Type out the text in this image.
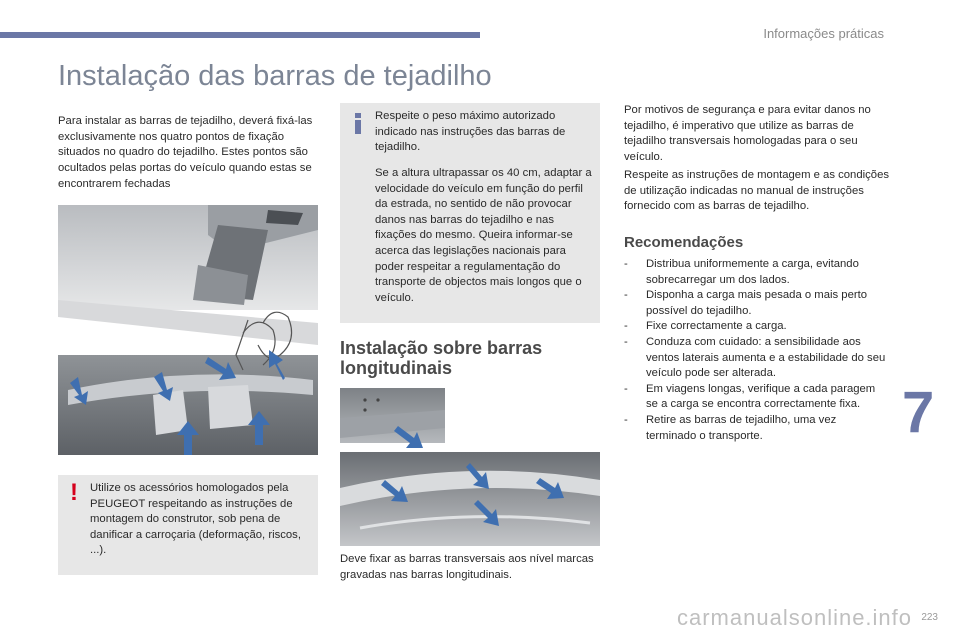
Informações práticas
Instalação das barras de tejadilho

Para instalar as barras de tejadilho, deverá fixá-las exclusivamente nos quatro pontos de fixação situados no quadro do tejadilho. Estes pontos são ocultados pelas portas do veículo quando estas se encontrarem fechadas

! Utilize os acessórios homologados pela PEUGEOT respeitando as instruções de montagem do construtor, sob pena de danificar a carroçaria (deformação, riscos, ...).

Respeite o peso máximo autorizado indicado nas instruções das barras de tejadilho.

Se a altura ultrapassar os 40 cm, adaptar a velocidade do veículo em função do perfil da estrada, no sentido de não provocar danos nas barras do tejadilho e nas fixações do mesmo. Queira informar-se acerca das legislações nacionais para poder respeitar a regulamentação do transporte de objectos mais longos que o veículo.

Instalação sobre barras longitudinais

Deve fixar as barras transversais aos nível marcas gravadas nas barras longitudinais.

Por motivos de segurança e para evitar danos no tejadilho, é imperativo que utilize as barras de tejadilho transversais homologadas para o seu veículo.

Respeite as instruções de montagem e as condições de utilização indicadas no manual de instruções fornecido com as barras de tejadilho.

Recomendações
- Distribua uniformemente a carga, evitando sobrecarregar um dos lados.
- Disponha a carga mais pesada o mais perto possível do tejadilho.
- Fixe correctamente a carga.
- Conduza com cuidado: a sensibilidade aos ventos laterais aumenta e a estabilidade do seu veículo pode ser alterada.
- Em viagens longas, verifique a cada paragem se a carga se encontra correctamente fixa.
- Retire as barras de tejadilho, uma vez terminado o transporte.	7
carmanualsonline.info 223
